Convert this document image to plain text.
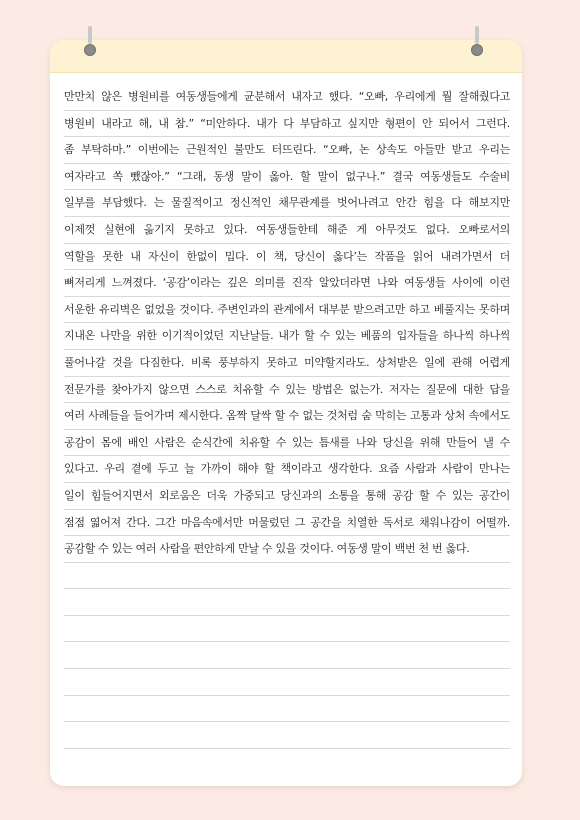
만만치 않은 병원비를 여동생들에게 균분해서 내자고 했다. “오빠, 우리에게 뭘 잘해줬다고
병원비 내라고 해, 내 참.” “미안하다. 내가 다 부담하고 싶지만 형편이 안 되어서 그런다.
좀 부탁하마.” 이번에는 근원적인 불만도 터뜨린다. “오빠, 논 상속도 아들만 받고 우리는
여자라고 쏙 뺐잖아.” “그래, 동생 말이 옳아. 할 말이 없구나.” 결국 여동생들도 수술비
일부를 부담했다. 는 물질적이고 정신적인 채무관계를 벗어나려고 안간 힘을 다 해보지만
이제껏 실현에 옮기지 못하고 있다. 여동생들한테 해준 게 아무것도 없다. 오빠로서의
역할을 못한 내 자신이 한없이 밉다. 이 책, 당신이 옳다’는 작품을 읽어 내려가면서 더
뼈저리게 느껴졌다. ‘공감’이라는 깊은 의미를 진작 알았더라면 나와 여동생들 사이에 이런
서운한 유리벽은 없었을 것이다. 주변인과의 관계에서 대부분 받으려고만 하고 베풀지는 못하며
지내온 나만을 위한 이기적이었던 지난날들. 내가 할 수 있는 베품의 입자들을 하나씩 하나씩
풀어나갈 것을 다짐한다. 비록 풍부하지 못하고 미약할지라도. 상처받은 일에 관해 어렵게
전문가를 찾아가지 않으면 스스로 치유할 수 있는 방법은 없는가. 저자는 질문에 대한 답을
여러 사례들을 들어가며 제시한다. 옴짝 달싹 할 수 없는 것처럼 숨 막히는 고통과 상처 속에서도
공감이 몸에 배인 사람은 순식간에 치유할 수 있는 틈새를 나와 당신을 위해 만들어 낼 수
있다고. 우리 곁에 두고 늘 가까이 해야 할 책이라고 생각한다. 요즘 사람과 사람이 만나는
일이 힘들어지면서 외로움은 더욱 가중되고 당신과의 소통을 통해 공감 할 수 있는 공간이
점점 엷어져 간다. 그간 마음속에서만 머물렀던 그 공간을 치열한 독서로 채워나감이 어떨까.
공감할 수 있는 여러 사람을 편안하게 만날 수 있을 것이다. 여동생 말이 백번 천 번 옳다.
